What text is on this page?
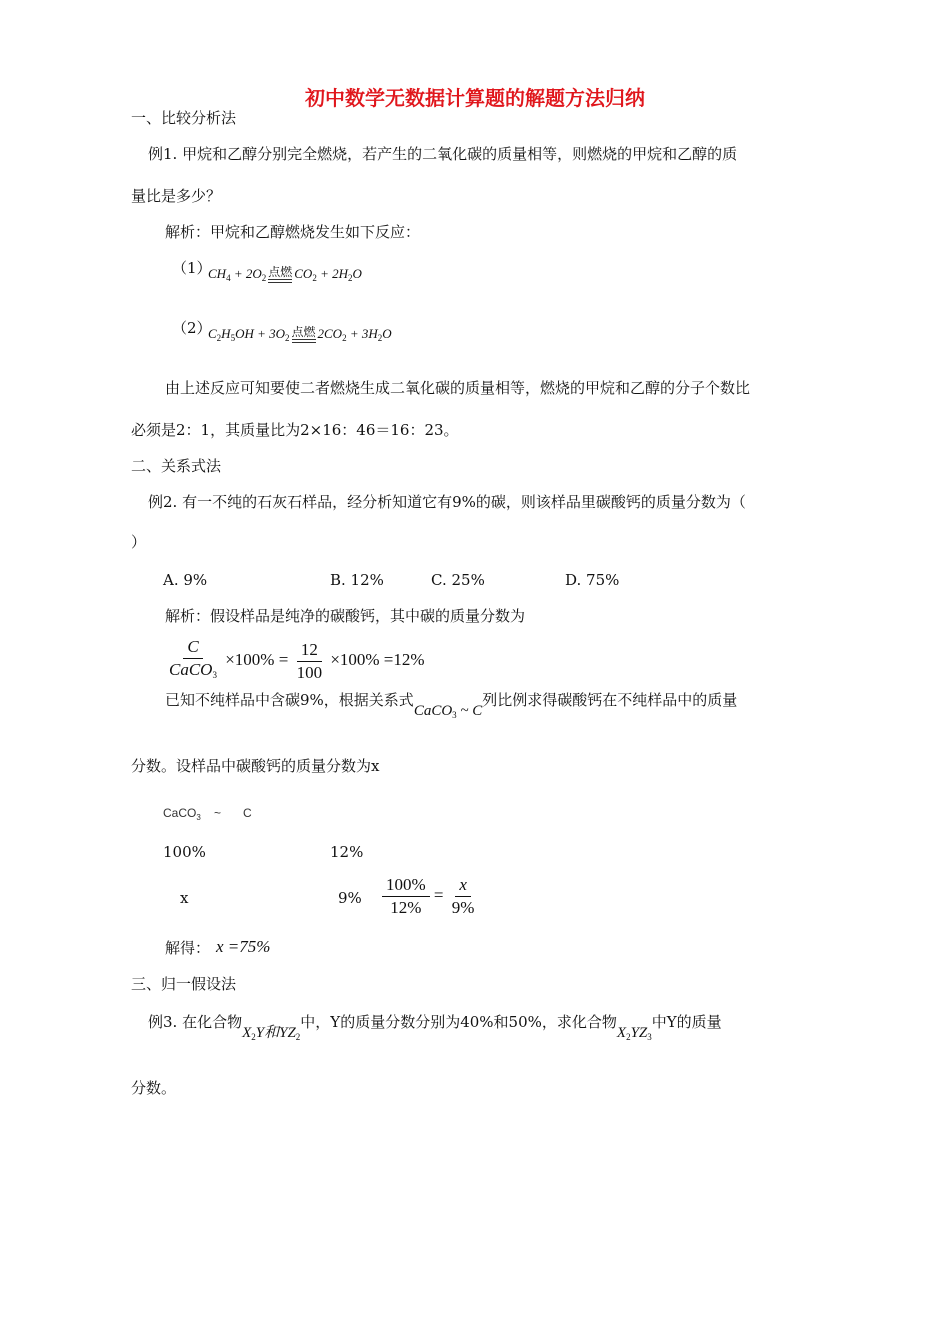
初中数学无数据计算题的解题方法归纳
一、比较分析法
例1. 甲烷和乙醇分别完全燃烧，若产生的二氧化碳的质量相等，则燃烧的甲烷和乙醇的质
量比是多少？
解析：甲烷和乙醇燃烧发生如下反应：
（1）
$CH_4 + 2O_2$ 点燃 $CO_2 + 2H_2O$
（2）
$C_2H_5OH + 3O_2$ 点燃 $2CO_2 + 3H_2O$
由上述反应可知要使二者燃烧生成二氧化碳的质量相等，燃烧的甲烷和乙醇的分子个数比
必须是2：1，其质量比为2×16：46＝16：23。
二、关系式法
例2. 有一不纯的石灰石样品，经分析知道它有9%的碳，则该样品里碳酸钙的质量分数为（
）
A. 9%	B. 12%	C. 25%	D. 75%
解析：假设样品是纯净的碳酸钙，其中碳的质量分数为
$\frac{C}{CaCO_3} \times 100\% = \frac{12}{100} \times 100\% =12\%$
已知不纯样品中含碳9%，根据关系式CaCO$_3$ ~ C列比例求得碳酸钙在不纯样品中的质量
分数。设样品中碳酸钙的质量分数为x
CaCO$_3$ ~ C
100%	12%
x	$9\% \frac{100\%}{12\%} = \frac{x}{9\%}$
解得： x =75%
三、归一假设法
例3. 在化合物$X_2Y$和$YZ_2$中，Y的质量分数分别为40%和50%，求化合物$X_2YZ_3$中Y的质量
分数。
